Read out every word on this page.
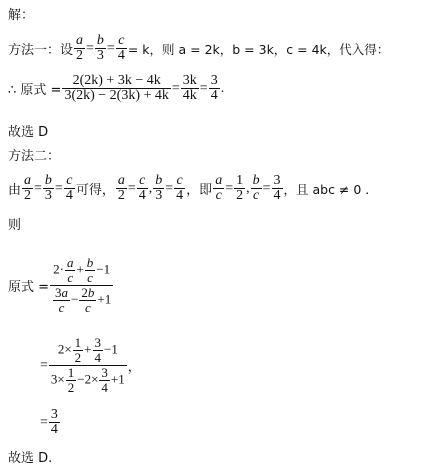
解：
方法一：设 $\frac{a}{2} = \frac{b}{3} = \frac{c}{4} = k$，则 a = 2k，b = 3k，c = 4k，代入得：
∴ 原式 = $\frac{2(2k) + 3k - 4k}{3(2k) - 2(3k) + 4k} = \frac{3k}{4k} = \frac{3}{4}$ .
故选 D
方法二：
由 $\frac{a}{2} = \frac{b}{3} = \frac{c}{4}$ 可得， $\frac{a}{2} = \frac{c}{4}$ , $\frac{b}{3} = \frac{c}{4}$ ， 即 $\frac{a}{c} = \frac{1}{2}$ , $\frac{b}{c} = \frac{3}{4}$ ，且 abc ≠ 0 .
则
原式 = $\frac{2\cdot \frac{a}{c} + \frac{b}{c} -1}{\frac{3a}{c} - \frac{2b}{c} +1}$
= $\frac{2\times \frac{1}{2} + \frac{3}{4} -1}{3\times \frac{1}{2} -2\times \frac{3}{4} +1}$ ，
= $\frac{3}{4}$
故选 D.
